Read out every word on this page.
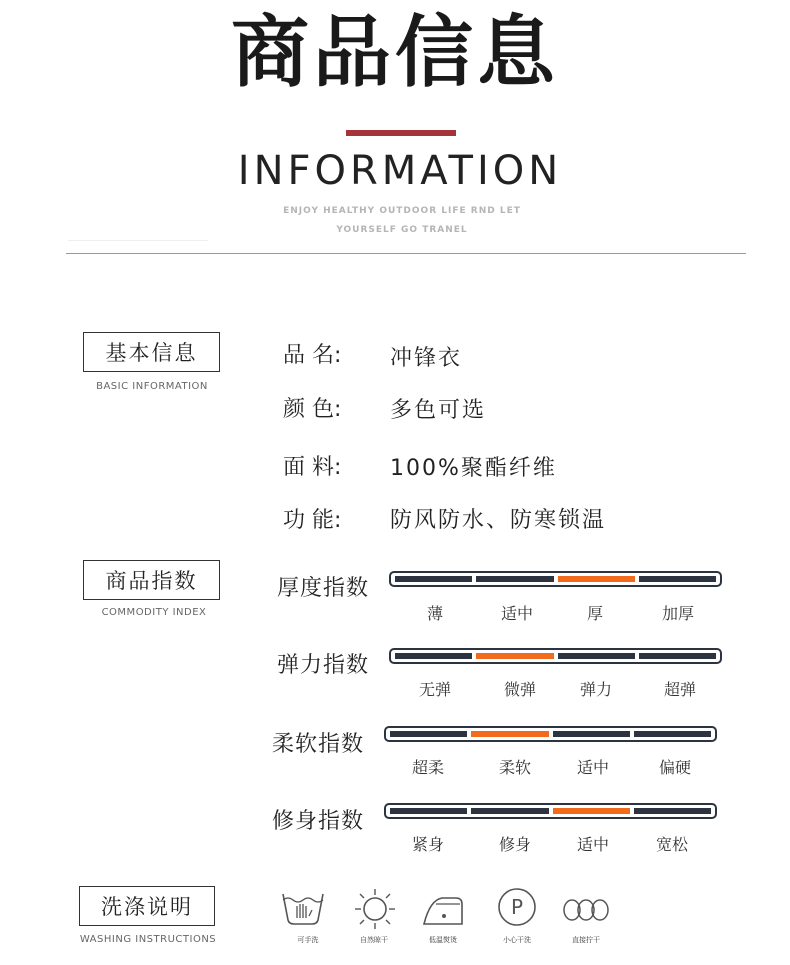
商品信息
INFORMATION
ENJOY HEALTHY OUTDOOR LIFE RND LET
YOURSELF GO TRANEL
基本信息
BASIC INFORMATION
品 名: 冲锋衣
颜 色: 多色可选
面 料: 100%聚酯纤维
功 能: 防风防水、防寒锁温
商品指数
COMMODITY INDEX
厚度指数
薄	适中	厚	加厚
弹力指数
无弹	微弹	弹力	超弹
柔软指数
超柔	柔软	适中	偏硬
修身指数
紧身	修身	适中	宽松
洗涤说明
WASHING INSTRUCTIONS	可手洗	自然晾干	低温熨烫
P
小心干洗	直接拧干
